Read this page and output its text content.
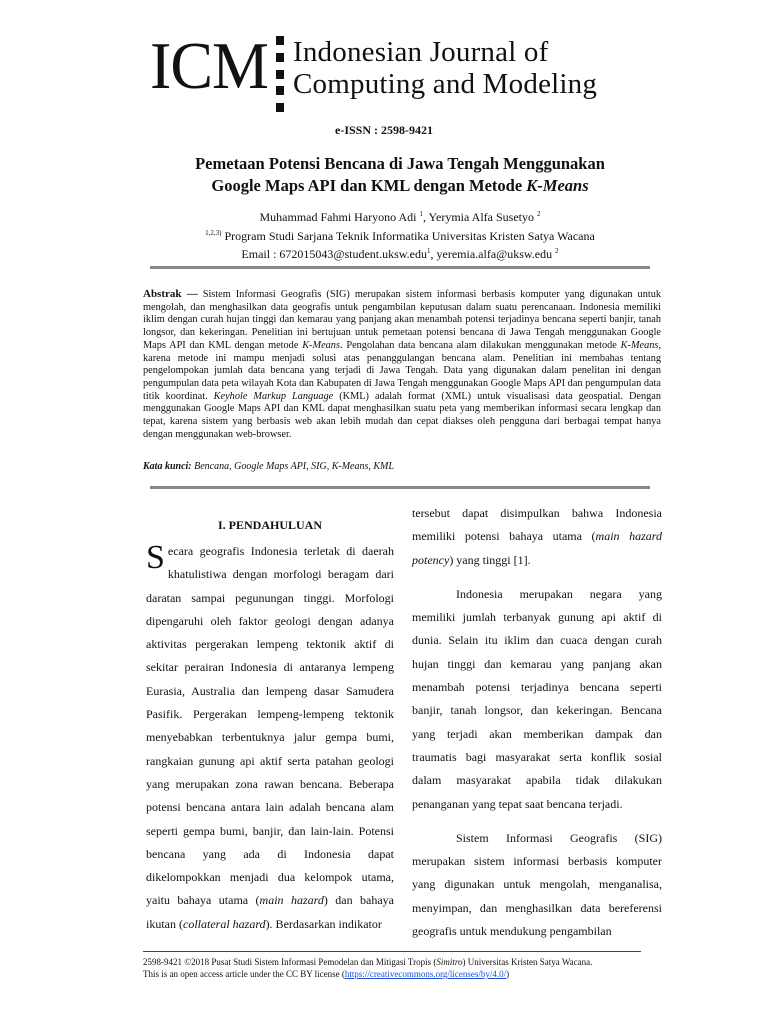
ICM Indonesian Journal of
Computing and Modeling
e-ISSN : 2598-9421
Pemetaan Potensi Bencana di Jawa Tengah Menggunakan
Google Maps API dan KML dengan Metode K-Means
Muhammad Fahmi Haryono Adi $^1$, Yerymia Alfa Susetyo $^2$
$^{1,2,3)}$ Program Studi Sarjana Teknik Informatika Universitas Kristen Satya Wacana
Email : 672015043@student.uksw.edu$^1$, yeremia.alfa@uksw.edu $^2$
Abstrak — Sistem Informasi Geografis (SIG) merupakan sistem informasi berbasis komputer yang digunakan untuk mengolah, dan menghasilkan data geografis untuk pengambilan keputusan dalam suatu perencanaan. Indonesia memiliki iklim dengan curah hujan tinggi dan kemarau yang panjang akan menambah potensi terjadinya bencana seperti banjir, tanah longsor, dan kekeringan. Penelitian ini bertujuan untuk pemetaan potensi bencana di Jawa Tengah menggunakan Google Maps API dan KML dengan metode K-Means. Pengolahan data bencana alam dilakukan menggunakan metode K-Means, karena metode ini mampu menjadi solusi atas penanggulangan bencana alam. Penelitian ini membahas tentang pengelompokan jumlah data bencana yang terjadi di Jawa Tengah. Data yang digunakan dalam penelitan ini dengan pengumpulan data peta wilayah Kota dan Kabupaten di Jawa Tengah menggunakan Google Maps API dan pengumpulan data titik koordinat. Keyhole Markup Language (KML) adalah format (XML) untuk visualisasi data geospatial. Dengan menggunakan Google Maps API dan KML dapat menghasilkan suatu peta yang memberikan informasi secara lengkap dan tepat, karena sistem yang berbasis web akan lebih mudah dan cepat diakses oleh pengguna dari berbagai tempat hanya dengan menggunakan web-browser.
Kata kunci: Bencana, Google Maps API, SIG, K-Means, KML
I. PENDAHULUAN

Secara geografis Indonesia terletak di daerah khatulistiwa dengan morfologi beragam dari daratan sampai pegunungan tinggi. Morfologi dipengaruhi oleh faktor geologi dengan adanya aktivitas pergerakan lempeng tektonik aktif di sekitar perairan Indonesia di antaranya lempeng Eurasia, Australia dan lempeng dasar Samudera Pasifik. Pergerakan lempeng-lempeng tektonik menyebabkan terbentuknya jalur gempa bumi, rangkaian gunung api aktif serta patahan geologi yang merupakan zona rawan bencana. Beberapa potensi bencana antara lain adalah bencana alam seperti gempa bumi, banjir, dan lain-lain. Potensi bencana yang ada di Indonesia dapat dikelompokkan menjadi dua kelompok utama, yaitu bahaya utama (main hazard) dan bahaya ikutan (collateral hazard). Berdasarkan indikator

tersebut dapat disimpulkan bahwa Indonesia memiliki potensi bahaya utama (main hazard potency) yang tinggi [1].

Indonesia merupakan negara yang memiliki jumlah terbanyak gunung api aktif di dunia. Selain itu iklim dan cuaca dengan curah hujan tinggi dan kemarau yang panjang akan menambah potensi terjadinya bencana seperti banjir, tanah longsor, dan kekeringan. Bencana yang terjadi akan memberikan dampak dan traumatis bagi masyarakat serta konflik sosial dalam masyarakat apabila tidak dilakukan penanganan yang tepat saat bencana terjadi.

Sistem Informasi Geografis (SIG) merupakan sistem informasi berbasis komputer yang digunakan untuk mengolah, menganalisa, menyimpan, dan menghasilkan data bereferensi geografis untuk mendukung pengambilan

2598-9421 ©2018 Pusat Studi Sistem Informasi Pemodelan dan Mitigasi Tropis (Simitro) Universitas Kristen Satya Wacana.
This is an open access article under the CC BY license (https://creativecommons.org/licenses/by/4.0/)
